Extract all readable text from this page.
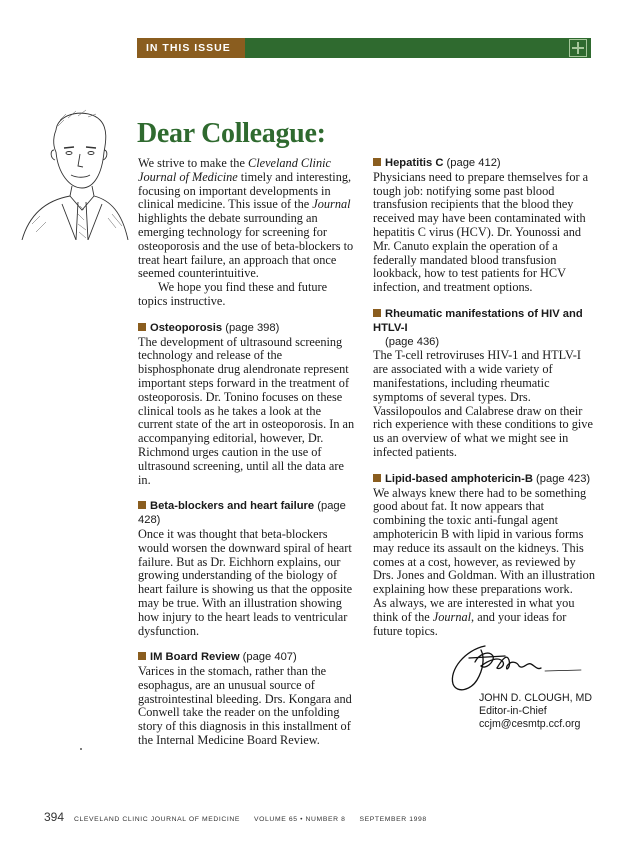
IN THIS ISSUE
Dear Colleague:

We strive to make the Cleveland Clinic Journal of Medicine timely and interesting, focusing on important developments in clinical medicine. This issue of the Journal highlights the debate surrounding an emerging technology for screening for osteoporosis and the use of beta-blockers to treat heart failure, an approach that once seemed counterintuitive.

We hope you find these and future topics instructive.

Osteoporosis (page 398)

The development of ultrasound screening technology and release of the bisphosphonate drug alendronate represent important steps forward in the treatment of osteoporosis. Dr. Tonino focuses on these clinical tools as he takes a look at the current state of the art in osteoporosis. In an accompanying editorial, however, Dr. Richmond urges caution in the use of ultrasound screening, until all the data are in.

Beta-blockers and heart failure (page 428)

Once it was thought that beta-blockers would worsen the downward spiral of heart failure. But as Dr. Eichhorn explains, our growing understanding of the biology of heart failure is showing us that the opposite may be true. With an illustration showing how injury to the heart leads to ventricular dysfunction.

IM Board Review (page 407)

Varices in the stomach, rather than the esophagus, are an unusual source of gastrointestinal bleeding. Drs. Kongara and Conwell take the reader on the unfolding story of this diagnosis in this installment of the Internal Medicine Board Review.

Hepatitis C (page 412)

Physicians need to prepare themselves for a tough job: notifying some past blood transfusion recipients that the blood they received may have been contaminated with hepatitis C virus (HCV). Dr. Younossi and Mr. Canuto explain the operation of a federally mandated blood transfusion lookback, how to test patients for HCV infection, and treatment options.

Rheumatic manifestations of HIV and HTLV-I
(page 436)

The T-cell retroviruses HIV-1 and HTLV-I are associated with a wide variety of manifestations, including rheumatic symptoms of several types. Drs. Vassilopoulos and Calabrese draw on their rich experience with these conditions to give us an overview of what we might see in infected patients.

Lipid-based amphotericin-B (page 423)

We always knew there had to be something good about fat. It now appears that combining the toxic anti-fungal agent amphotericin B with lipid in various forms may reduce its assault on the kidneys. This comes at a cost, however, as reviewed by Drs. Jones and Goldman. With an illustration explaining how these preparations work.

As always, we are interested in what you think of the Journal, and your ideas for future topics.

JOHN D. CLOUGH, MD
Editor-in-Chief
ccjm@cesmtp.ccf.org
394 CLEVELAND CLINIC JOURNAL OF MEDICINE VOLUME 65 • NUMBER 8 SEPTEMBER 1998
